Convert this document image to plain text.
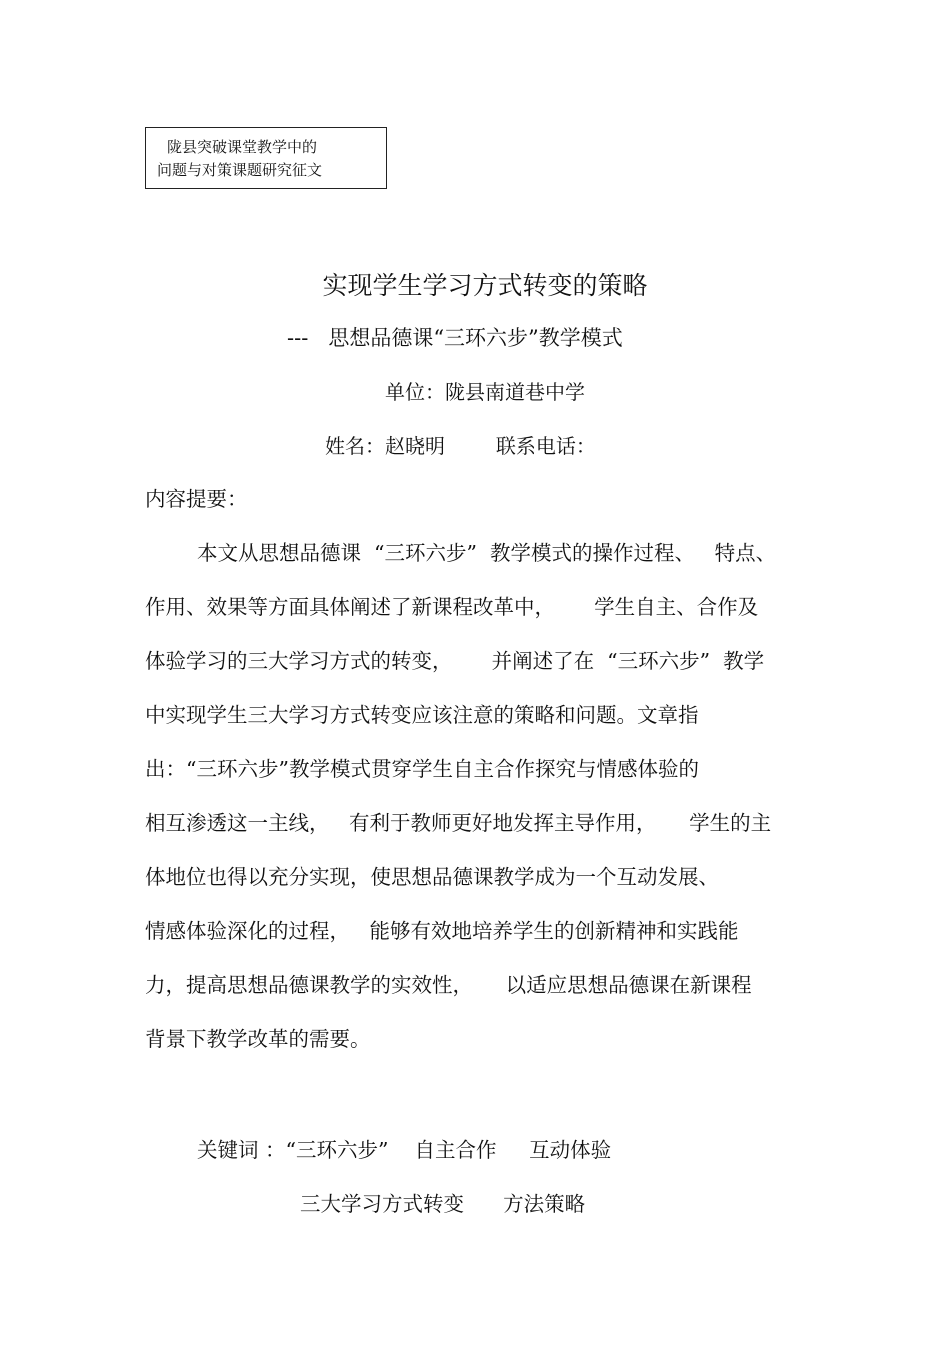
陇县突破课堂教学中的
问题与对策课题研究征文
实现学生学习方式转变的策略
---   思想品德课“三环六步”教学模式
单位：陇县南道巷中学
姓名：赵晓明        联系电话：
内容提要：
本文从思想品德课  “三环六步”  教学模式的操作过程、   特点、
作用、效果等方面具体阐述了新课程改革中，      学生自主、合作及
体验学习的三大学习方式的转变，      并阐述了在  “三环六步”  教学
中实现学生三大学习方式转变应该注意的策略和问题。文章指
出：“三环六步”教学模式贯穿学生自主合作探究与情感体验的
相互渗透这一主线，   有利于教师更好地发挥主导作用，     学生的主
体地位也得以充分实现，使思想品德课教学成为一个互动发展、
情感体验深化的过程，   能够有效地培养学生的创新精神和实践能
力，提高思想品德课教学的实效性，     以适应思想品德课在新课程
背景下教学改革的需要。
关键词 ：“三环六步”    自主合作     互动体验
三大学习方式转变      方法策略
